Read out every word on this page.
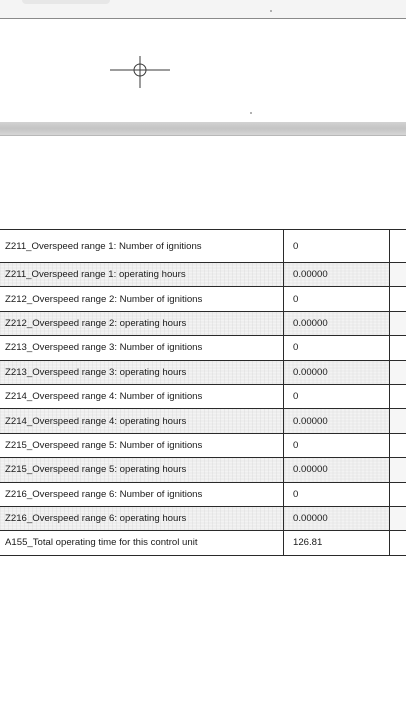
Z211_Overspeed range 1: Number of ignitions	0	
Z211_Overspeed range 1: operating hours	0.00000	
Z212_Overspeed range 2: Number of ignitions	0	
Z212_Overspeed range 2: operating hours	0.00000	
Z213_Overspeed range 3: Number of ignitions	0	
Z213_Overspeed range 3: operating hours	0.00000	
Z214_Overspeed range 4: Number of ignitions	0	
Z214_Overspeed range 4: operating hours	0.00000	
Z215_Overspeed range 5: Number of ignitions	0	
Z215_Overspeed range 5: operating hours	0.00000	
Z216_Overspeed range 6: Number of ignitions	0	
Z216_Overspeed range 6: operating hours	0.00000	
A155_Total operating time for this control unit	126.81	
